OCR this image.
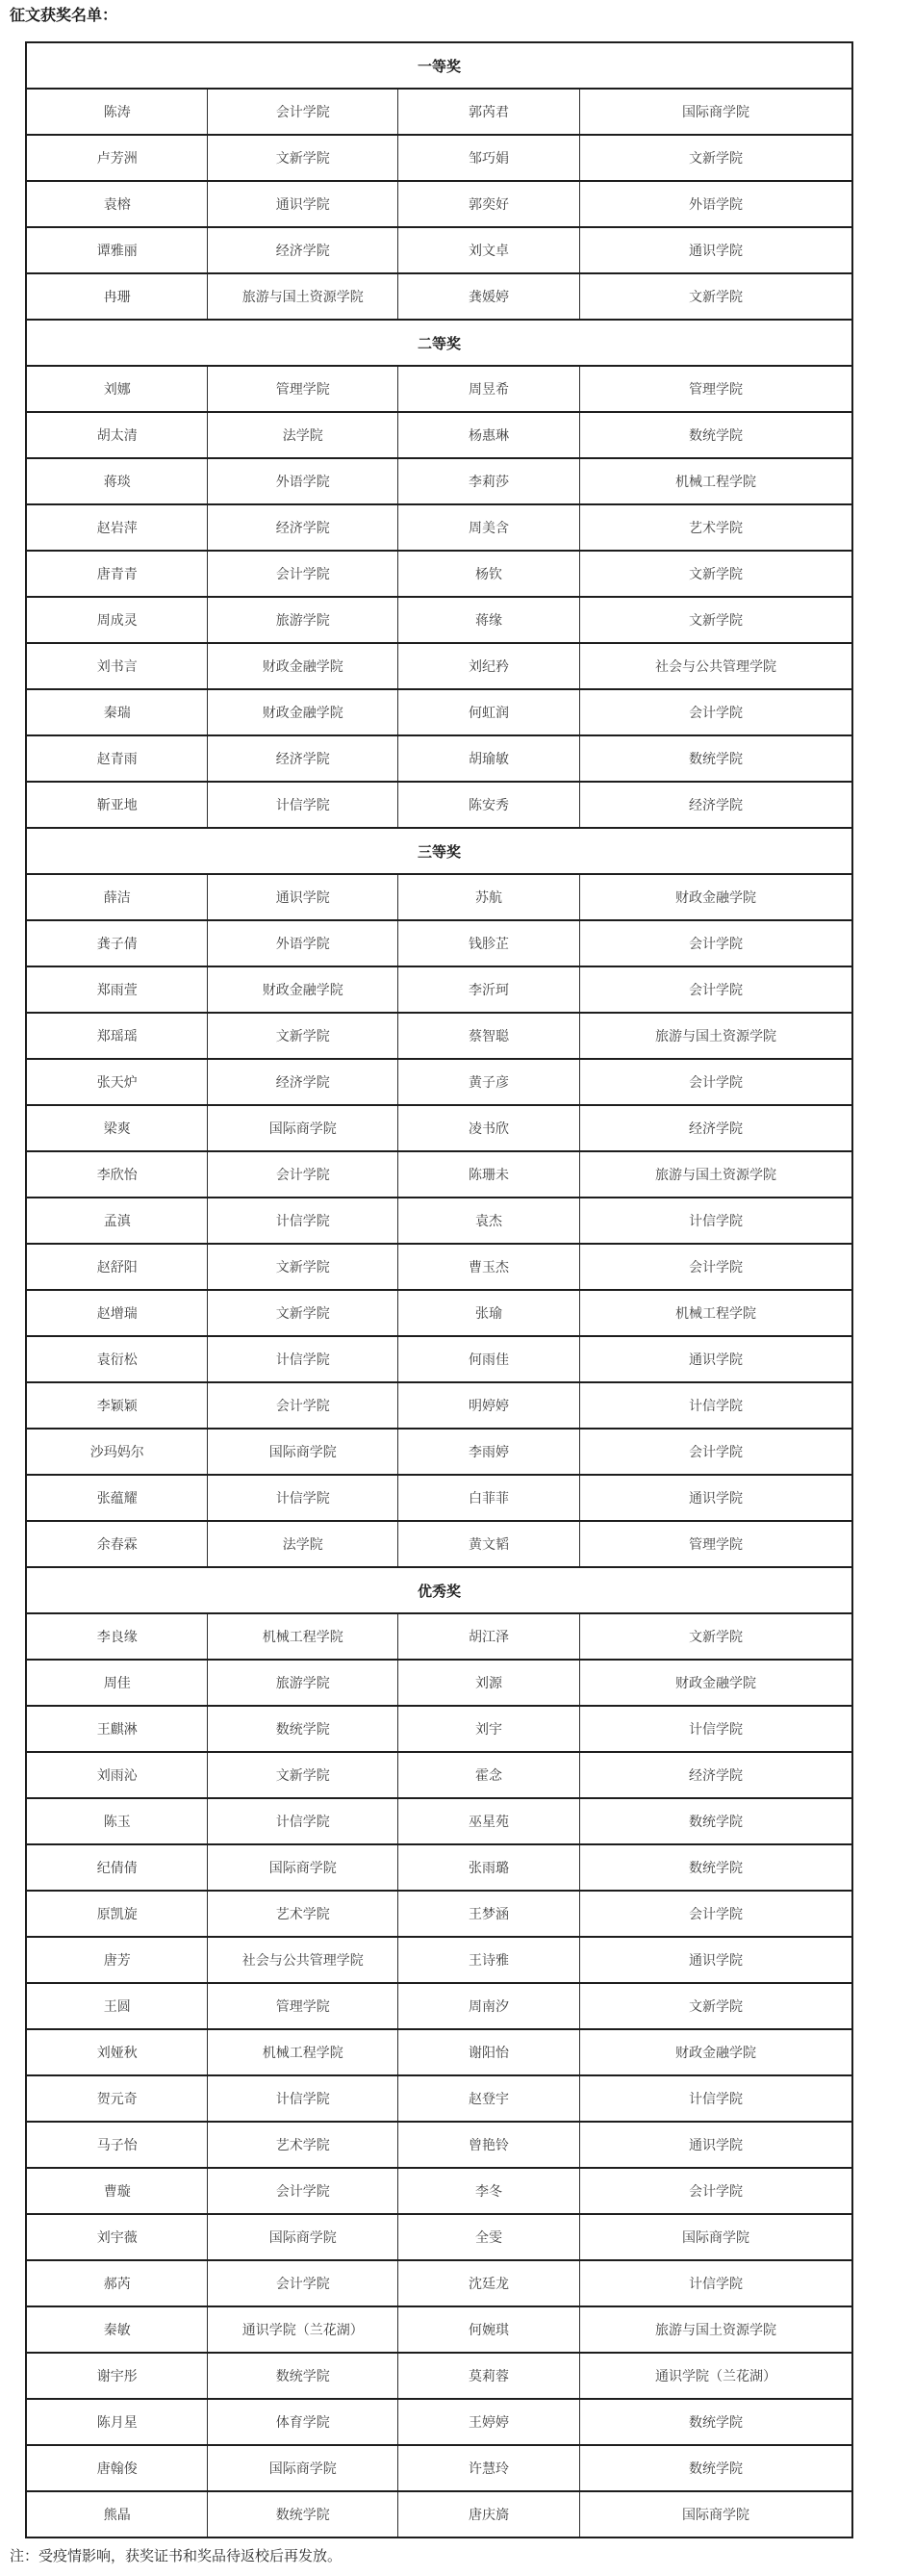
征文获奖名单：
一等奖			
陈涛	会计学院	郭芮君	国际商学院
卢芳洲	文新学院	邹巧娟	文新学院
袁榕	通识学院	郭奕好	外语学院
谭雅丽	经济学院	刘文卓	通识学院
冉珊	旅游与国土资源学院	龚媛婷	文新学院
二等奖			
刘娜	管理学院	周昱希	管理学院
胡太清	法学院	杨惠琳	数统学院
蒋琰	外语学院	李莉莎	机械工程学院
赵岩萍	经济学院	周美含	艺术学院
唐青青	会计学院	杨钦	文新学院
周成灵	旅游学院	蒋缘	文新学院
刘书言	财政金融学院	刘纪矜	社会与公共管理学院
秦瑞	财政金融学院	何虹润	会计学院
赵青雨	经济学院	胡瑜敏	数统学院
靳亚地	计信学院	陈安秀	经济学院
三等奖			
薛洁	通识学院	苏航	财政金融学院
龚子倩	外语学院	钱胗芷	会计学院
郑雨萱	财政金融学院	李沂珂	会计学院
郑瑶瑶	文新学院	蔡智聪	旅游与国土资源学院
张天炉	经济学院	黄子彦	会计学院
梁爽	国际商学院	凌书欣	经济学院
李欣怡	会计学院	陈珊未	旅游与国土资源学院
孟滇	计信学院	袁杰	计信学院
赵舒阳	文新学院	曹玉杰	会计学院
赵增瑞	文新学院	张瑜	机械工程学院
袁衍松	计信学院	何雨佳	通识学院
李颖颖	会计学院	明婷婷	计信学院
沙玛妈尔	国际商学院	李雨婷	会计学院
张蕴耀	计信学院	白菲菲	通识学院
余春霖	法学院	黄文韬	管理学院
优秀奖			
李良缘	机械工程学院	胡江泽	文新学院
周佳	旅游学院	刘源	财政金融学院
王麒淋	数统学院	刘宇	计信学院
刘雨沁	文新学院	霍念	经济学院
陈玉	计信学院	巫星苑	数统学院
纪倩倩	国际商学院	张雨璐	数统学院
原凯旋	艺术学院	王梦涵	会计学院
唐芳	社会与公共管理学院	王诗雅	通识学院
王圆	管理学院	周南汐	文新学院
刘娅秋	机械工程学院	谢阳怡	财政金融学院
贺元奇	计信学院	赵登宇	计信学院
马子怡	艺术学院	曾艳铃	通识学院
曹璇	会计学院	李冬	会计学院
刘宇薇	国际商学院	全雯	国际商学院
郝芮	会计学院	沈廷龙	计信学院
秦敏	通识学院（兰花湖）	何婉琪	旅游与国土资源学院
谢宇彤	数统学院	莫莉蓉	通识学院（兰花湖）
陈月星	体育学院	王婷婷	数统学院
唐翰俊	国际商学院	许慧玲	数统学院
熊晶	数统学院	唐庆旖	国际商学院
注：受疫情影响，获奖证书和奖品待返校后再发放。
